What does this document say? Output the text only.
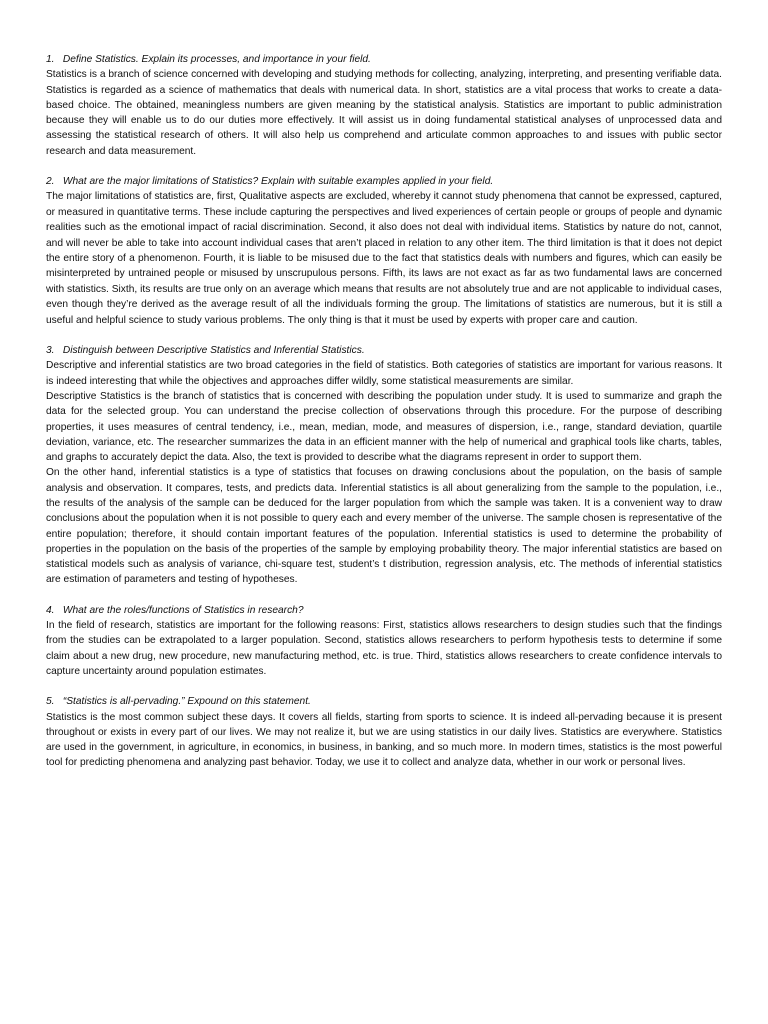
1. Define Statistics. Explain its processes, and importance in your field.

Statistics is a branch of science concerned with developing and studying methods for collecting, analyzing, interpreting, and presenting verifiable data. Statistics is regarded as a science of mathematics that deals with numerical data. In short, statistics are a vital process that works to create a data-based choice. The obtained, meaningless numbers are given meaning by the statistical analysis. Statistics are important to public administration because they will enable us to do our duties more effectively. It will assist us in doing fundamental statistical analyses of unprocessed data and assessing the statistical research of others. It will also help us comprehend and articulate common approaches to and issues with public sector research and data measurement.

2. What are the major limitations of Statistics? Explain with suitable examples applied in your field.

The major limitations of statistics are, first, Qualitative aspects are excluded, whereby it cannot study phenomena that cannot be expressed, captured, or measured in quantitative terms. These include capturing the perspectives and lived experiences of certain people or groups of people and dynamic realities such as the emotional impact of racial discrimination. Second, it also does not deal with individual items. Statistics by nature do not, cannot, and will never be able to take into account individual cases that aren’t placed in relation to any other item. The third limitation is that it does not depict the entire story of a phenomenon. Fourth, it is liable to be misused due to the fact that statistics deals with numbers and figures, which can easily be misinterpreted by untrained people or misused by unscrupulous persons. Fifth, its laws are not exact as far as two fundamental laws are concerned with statistics. Sixth, its results are true only on an average which means that results are not absolutely true and are not applicable to individual cases, even though they’re derived as the average result of all the individuals forming the group. The limitations of statistics are numerous, but it is still a useful and helpful science to study various problems. The only thing is that it must be used by experts with proper care and caution.

3. Distinguish between Descriptive Statistics and Inferential Statistics.

Descriptive and inferential statistics are two broad categories in the field of statistics. Both categories of statistics are important for various reasons. It is indeed interesting that while the objectives and approaches differ wildly, some statistical measurements are similar.

Descriptive Statistics is the branch of statistics that is concerned with describing the population under study. It is used to summarize and graph the data for the selected group. You can understand the precise collection of observations through this procedure. For the purpose of describing properties, it uses measures of central tendency, i.e., mean, median, mode, and measures of dispersion, i.e., range, standard deviation, quartile deviation, variance, etc. The researcher summarizes the data in an efficient manner with the help of numerical and graphical tools like charts, tables, and graphs to accurately depict the data. Also, the text is provided to describe what the diagrams represent in order to support them.

On the other hand, inferential statistics is a type of statistics that focuses on drawing conclusions about the population, on the basis of sample analysis and observation. It compares, tests, and predicts data. Inferential statistics is all about generalizing from the sample to the population, i.e., the results of the analysis of the sample can be deduced for the larger population from which the sample was taken. It is a convenient way to draw conclusions about the population when it is not possible to query each and every member of the universe. The sample chosen is representative of the entire population; therefore, it should contain important features of the population. Inferential statistics is used to determine the probability of properties in the population on the basis of the properties of the sample by employing probability theory. The major inferential statistics are based on statistical models such as analysis of variance, chi-square test, student’s t distribution, regression analysis, etc. The methods of inferential statistics are estimation of parameters and testing of hypotheses.

4. What are the roles/functions of Statistics in research?

In the field of research, statistics are important for the following reasons: First, statistics allows researchers to design studies such that the findings from the studies can be extrapolated to a larger population. Second, statistics allows researchers to perform hypothesis tests to determine if some claim about a new drug, new procedure, new manufacturing method, etc. is true. Third, statistics allows researchers to create confidence intervals to capture uncertainty around population estimates.

5. “Statistics is all-pervading.” Expound on this statement.

Statistics is the most common subject these days. It covers all fields, starting from sports to science. It is indeed all-pervading because it is present throughout or exists in every part of our lives. We may not realize it, but we are using statistics in our daily lives. Statistics are everywhere. Statistics are used in the government, in agriculture, in economics, in business, in banking, and so much more. In modern times, statistics is the most powerful tool for predicting phenomena and analyzing past behavior. Today, we use it to collect and analyze data, whether in our work or personal lives.
